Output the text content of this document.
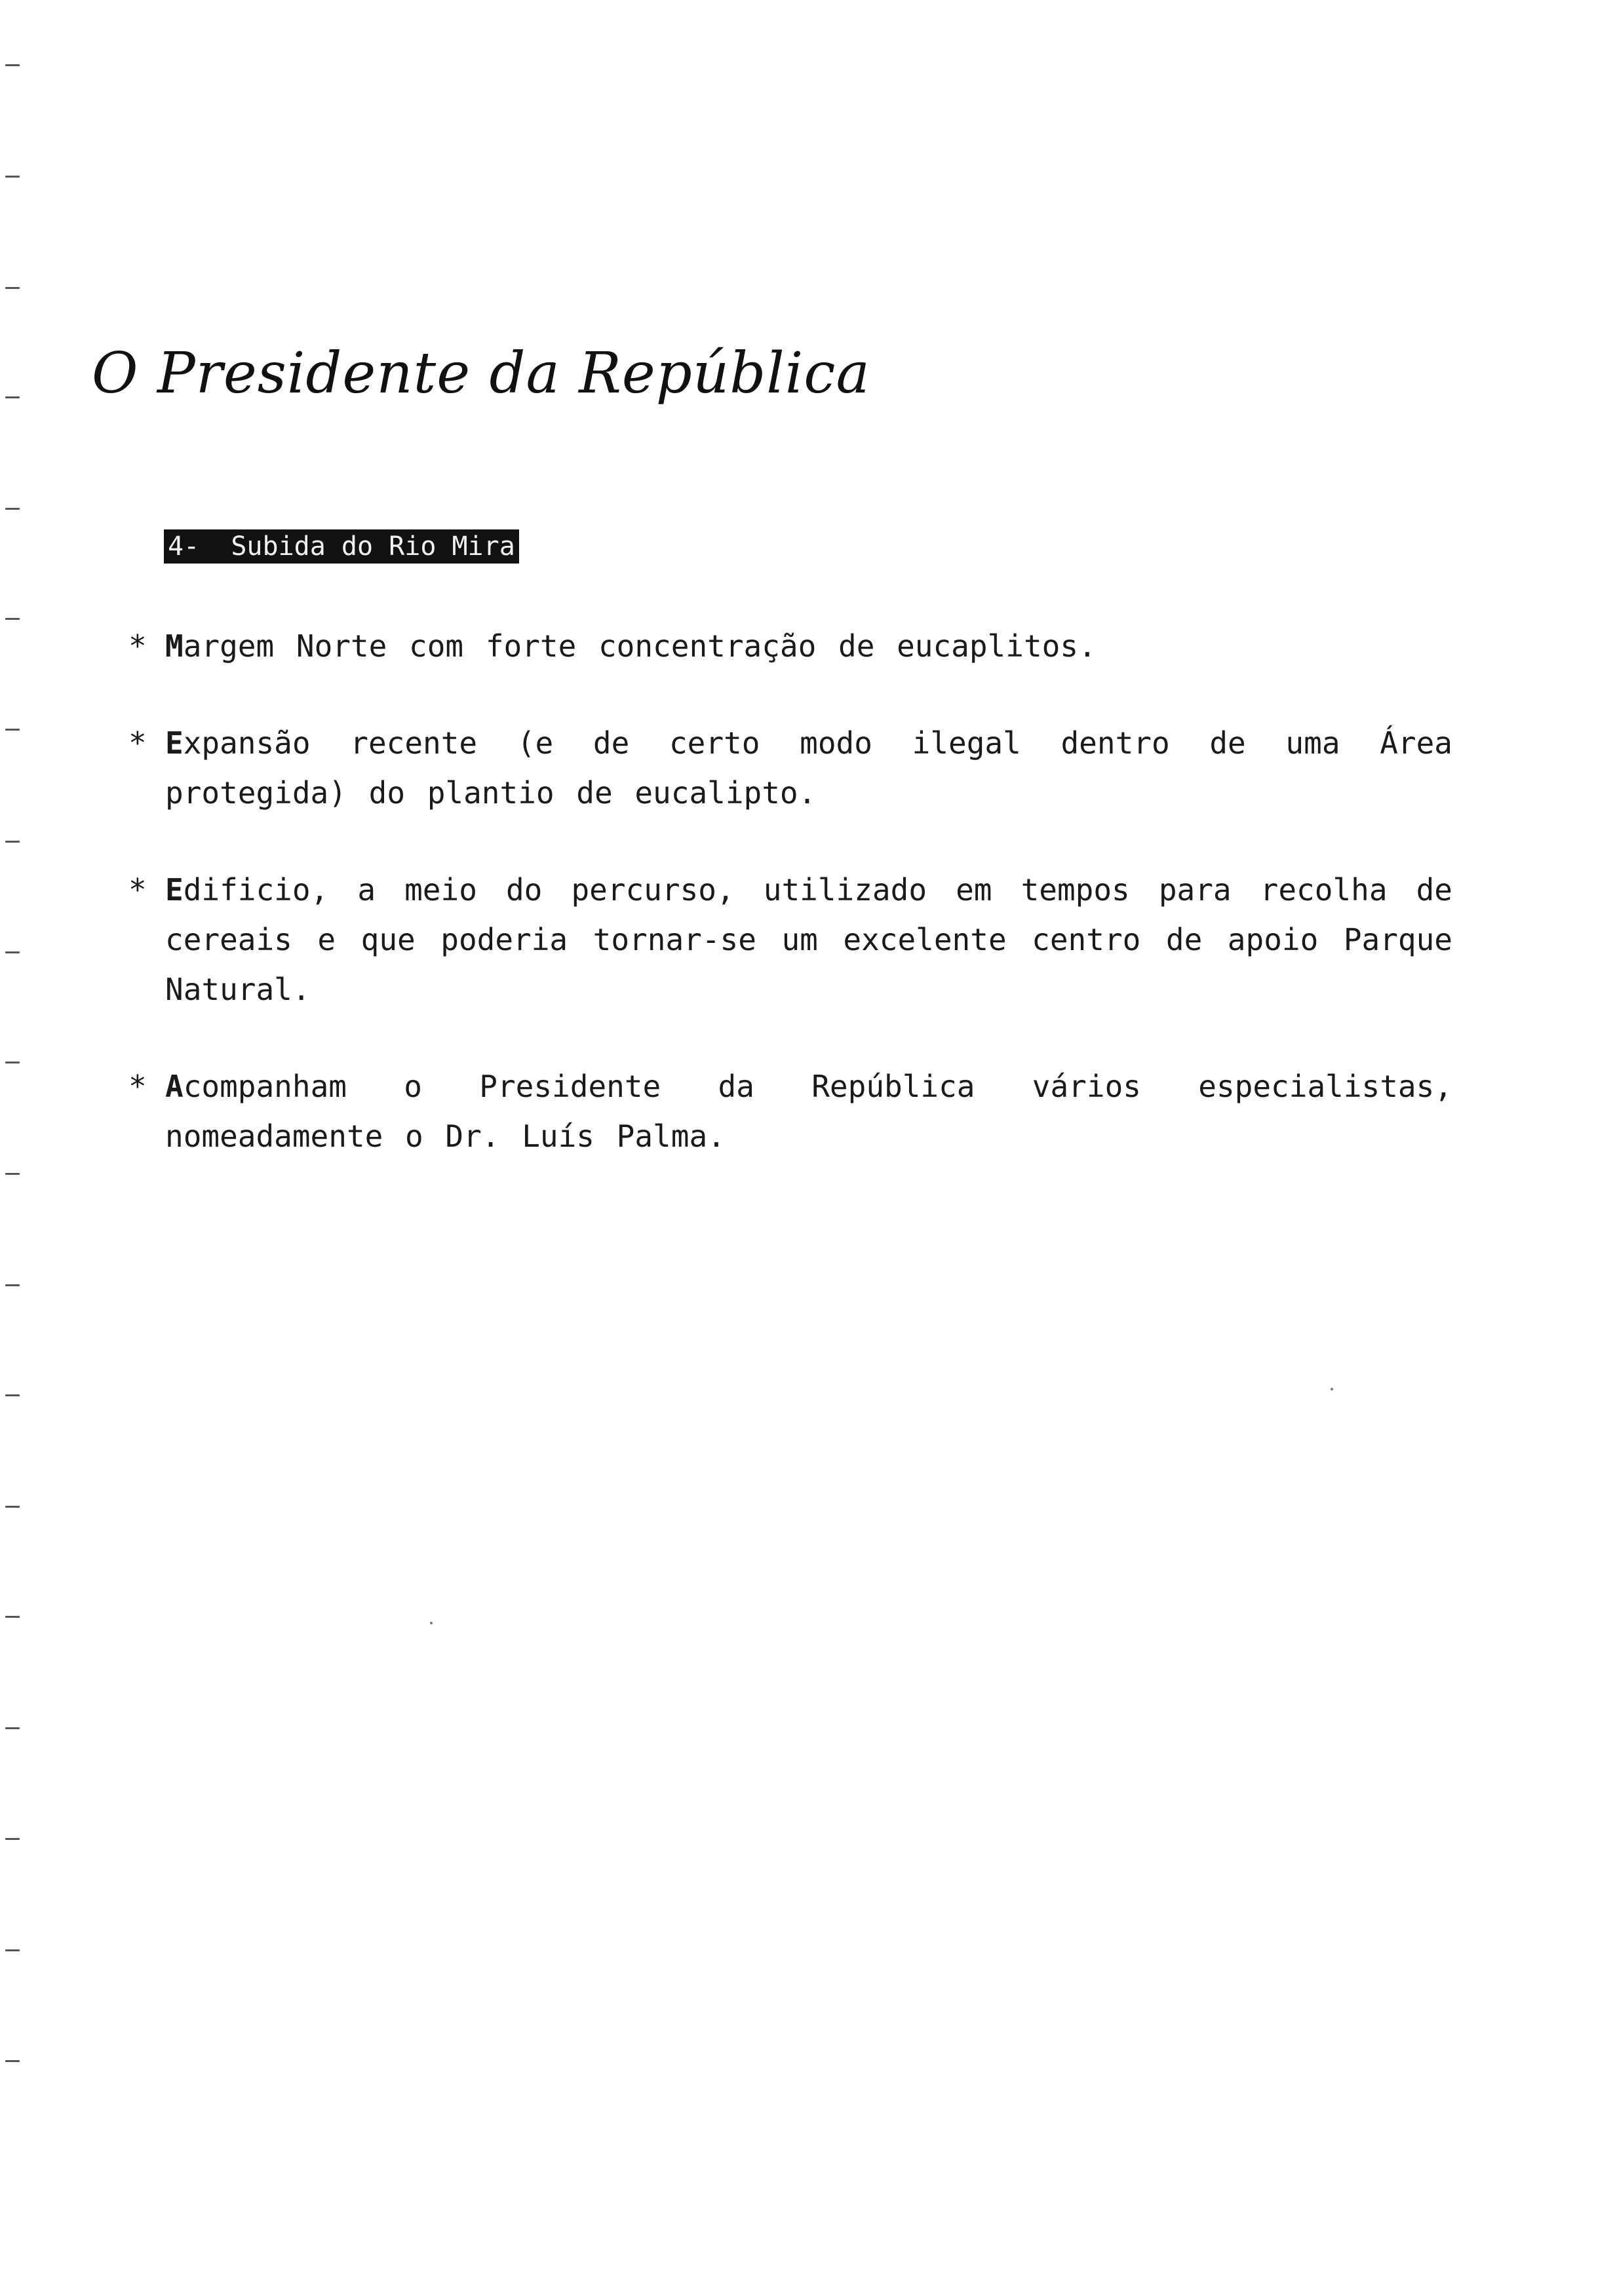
O Presidente da República
4-  Subida do Rio Mira
* Margem Norte com forte concentração de eucaplitos.
* Expansão recente (e de certo modo ilegal dentro de uma Área protegida) do plantio de eucalipto.
* Edificio, a meio do percurso, utilizado em tempos para recolha de cereais e que poderia tornar-se um excelente centro de apoio Parque Natural.
* Acompanham o Presidente da República vários especialistas, nomeadamente o Dr. Luís Palma.
